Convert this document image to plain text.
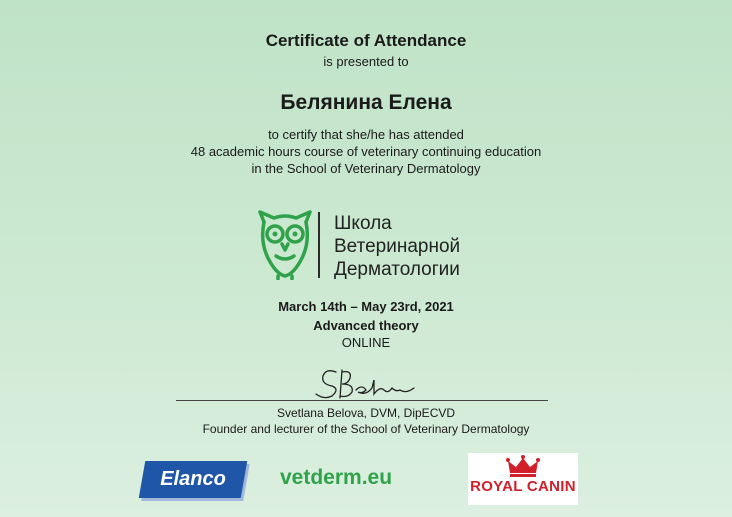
Certificate of Attendance
is presented to
Белянина Елена
to certify that she/he has attended
48 academic hours course of veterinary continuing education
in the School of Veterinary Dermatology
Школа
Ветеринарной
Дерматологии
March 14th – May 23rd, 2021
Advanced theory
ONLINE
Svetlana Belova, DVM, DipECVD
Founder and lecturer of the School of Veterinary Dermatology
Elanco	vetderm.eu	ROYAL CANIN
